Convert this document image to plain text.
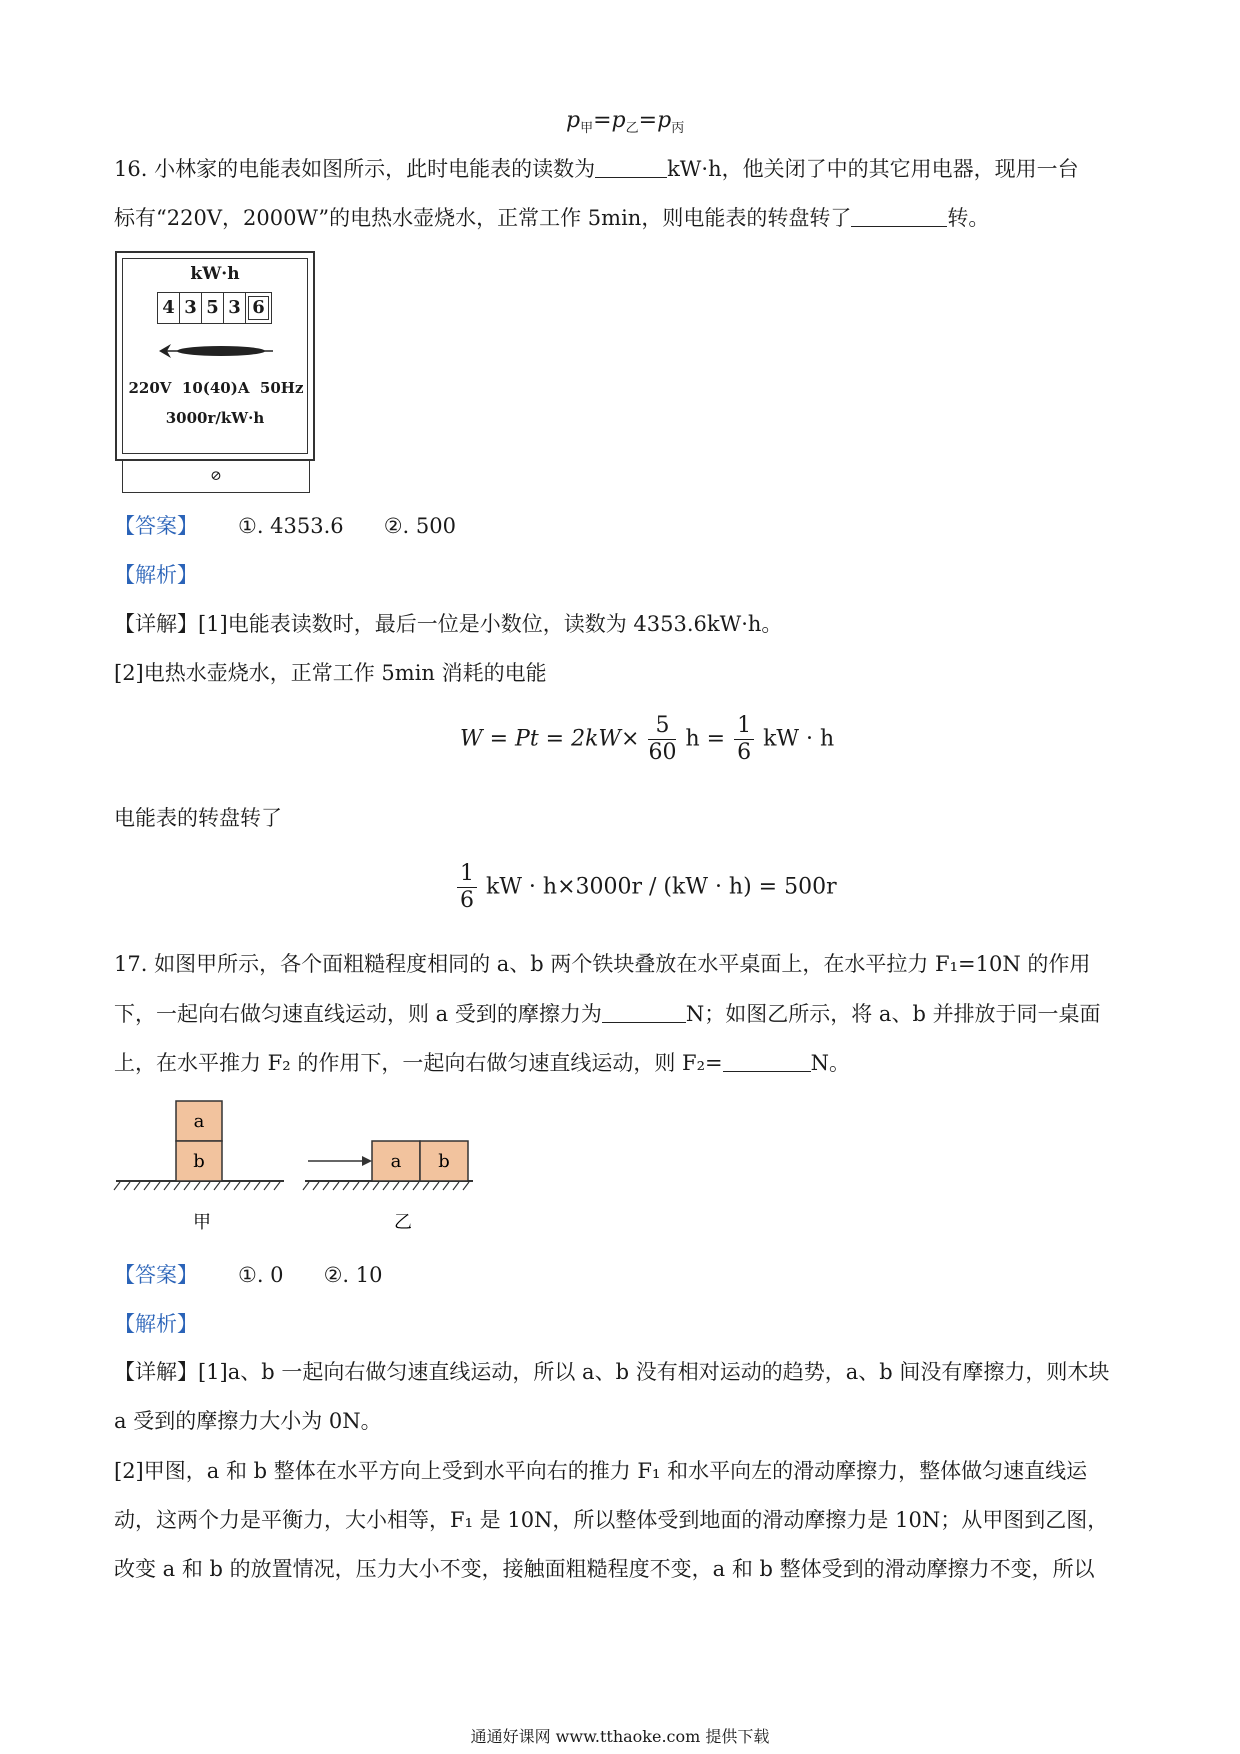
$p_甲=p_乙=p_丙$
16. 小林家的电能表如图所示，此时电能表的读数为	kW·h，他关闭了中的其它用电器，现用一台
标有“220V，2000W”的电热水壶烧水，正常工作 5min，则电能表的转盘转了	转。
kW·h
4 3 5 3 6
220V  10(40)A  50Hz
3000r/kW·h
⊘
【答案】 ①. 4353.6      ②. 500
【解析】
【详解】[1]电能表读数时，最后一位是小数位，读数为 4353.6kW·h。
[2]电热水壶烧水，正常工作 5min 消耗的电能
$W = Pt = 2kW\times \frac{5}{60}$ $h = \frac{1}{6}$ kW · h
电能表的转盘转了
$\frac{1}{6}$ kW · h×3000r / (kW · h) = 500r
17. 如图甲所示，各个面粗糙程度相同的 a、b 两个铁块叠放在水平桌面上，在水平拉力 F₁=10N 的作用
下，一起向右做匀速直线运动，则 a 受到的摩擦力为	N；如图乙所示，将 a、b 并排放于同一桌面
上，在水平推力 F₂ 的作用下，一起向右做匀速直线运动，则 F₂=	N。
a
b
甲
a b
乙
【答案】 ①. 0      ②. 10
【解析】
【详解】[1]a、b 一起向右做匀速直线运动，所以 a、b 没有相对运动的趋势，a、b 间没有摩擦力，则木块
a 受到的摩擦力大小为 0N。
[2]甲图，a 和 b 整体在水平方向上受到水平向右的推力 F₁ 和水平向左的滑动摩擦力，整体做匀速直线运
动，这两个力是平衡力，大小相等，F₁ 是 10N，所以整体受到地面的滑动摩擦力是 10N；从甲图到乙图，
改变 a 和 b 的放置情况，压力大小不变，接触面粗糙程度不变，a 和 b 整体受到的滑动摩擦力不变，所以
通通好课网 www.tthaoke.com 提供下载
